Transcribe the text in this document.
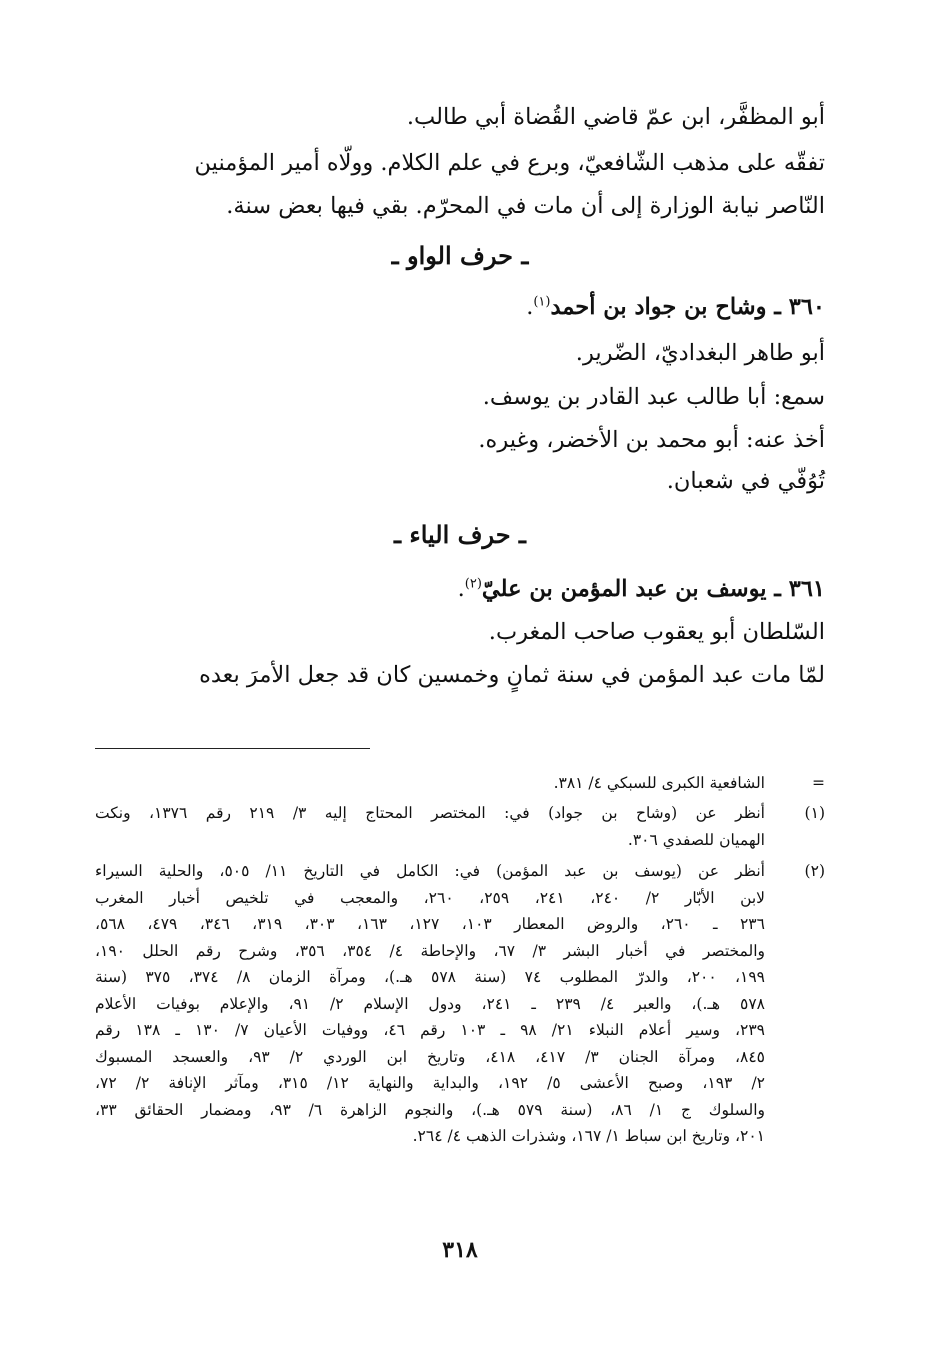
أبو المظفَّر، ابن عمّ قاضي القُضاة أبي طالب.
تفقّه على مذهب الشّافعيّ، وبرع في علم الكلام. وولّاه أمير المؤمنين
النّاصر نيابة الوزارة إلى أن مات في المحرّم. بقي فيها بعض سنة.
ـ حرف الواو ـ
٣٦٠ ـ وشاح بن جواد بن أحمد$^{(١)}$.
أبو طاهر البغداديّ، الضّرير.
سمع: أبا طالب عبد القادر بن يوسف.
أخذ عنه: أبو محمد بن الأخضر، وغيره.
تُوُفّي في شعبان.
ـ حرف الياء ـ
٣٦١ ـ يوسف بن عبد المؤمن بن عليّ$^{(٢)}$.
السّلطان أبو يعقوب صاحب المغرب.
لمّا مات عبد المؤمن في سنة ثمانٍ وخمسين كان قد جعل الأمرَ بعده
=
الشافعية الكبرى للسبكي ٤/ ٣٨١.
(١)
أنظر عن (وشاح بن جواد) في: المختصر المحتاج إليه ٣/ ٢١٩ رقم ١٣٧٦، ونكت
الهميان للصفدي ٣٠٦.
(٢)
أنظر عن (يوسف بن عبد المؤمن) في: الكامل في التاريخ ١١/ ٥٠٥، والحلية السيراء
لابن الأبّار ٢/ ٢٤٠، ٢٤١، ٢٥٩، ٢٦٠، والمعجب في تلخيص أخبار المغرب
٢٣٦ ـ ٢٦٠، والروض المعطار ١٠٣، ١٢٧، ١٦٣، ٣٠٣، ٣١٩، ٣٤٦، ٤٧٩، ٥٦٨،
والمختصر في أخبار البشر ٣/ ٦٧، والإحاطة ٤/ ٣٥٤، ٣٥٦، وشرح رقم الحلل ١٩٠،
١٩٩، ٢٠٠، والدرّ المطلوب ٧٤ (سنة ٥٧٨ هـ.)، ومرآة الزمان ٨/ ٣٧٤، ٣٧٥ (سنة
٥٧٨ هـ.)، والعبر ٤/ ٢٣٩ ـ ٢٤١، ودول الإسلام ٢/ ٩١، والإعلام بوفيات الأعلام
٢٣٩، وسير أعلام النبلاء ٢١/ ٩٨ ـ ١٠٣ رقم ٤٦، ووفيات الأعيان ٧/ ١٣٠ ـ ١٣٨ رقم
٨٤٥، ومرآة الجنان ٣/ ٤١٧، ٤١٨، وتاريخ ابن الوردي ٢/ ٩٣، والعسجد المسبوك
٢/ ١٩٣، وصبح الأعشى ٥/ ١٩٢، والبداية والنهاية ١٢/ ٣١٥، ومآثر الإنافة ٢/ ٧٢،
والسلوك ج ١/ ٨٦، (سنة ٥٧٩ هـ.)، والنجوم الزاهرة ٦/ ٩٣، ومضمار الحقائق ٣٣،
٢٠١، وتاريخ ابن سباط ١/ ١٦٧، وشذرات الذهب ٤/ ٢٦٤.
٣١٨
